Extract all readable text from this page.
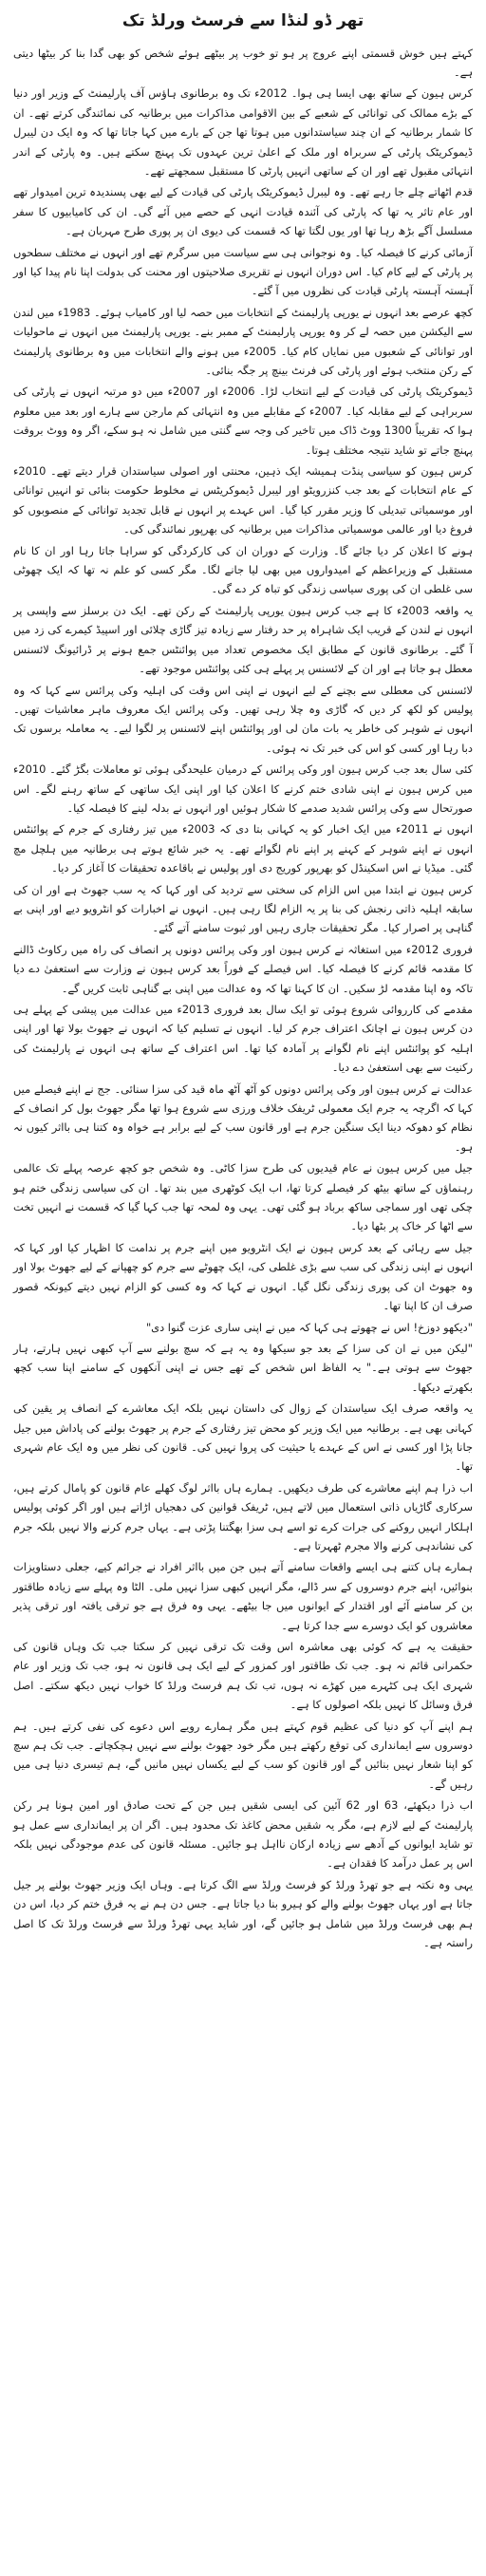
تھر ڈو لنڈا سے فرسٹ ورلڈ تک

کہتے ہیں خوش قسمتی اپنے عروج پر ہو تو خوب پر بیٹھے ہوئے شخص کو بھی گدا بنا کر بیٹھا دیتی ہے۔

کرس ہیون کے ساتھ بھی ایسا ہی ہوا۔ 2012ء تک وہ برطانوی ہاؤس آف پارلیمنٹ کے وزیر اور دنیا کے بڑے ممالک کی توانائی کے شعبے کے بین الاقوامی مذاکرات میں برطانیہ کی نمائندگی کرتے تھے۔ ان کا شمار برطانیہ کے ان چند سیاستدانوں میں ہوتا تھا جن کے بارے میں کہا جاتا تھا کہ وہ ایک دن لیبرل ڈیموکریٹک پارٹی کے سربراہ اور ملک کے اعلیٰ ترین عہدوں تک پہنچ سکتے ہیں۔ وہ پارٹی کے اندر انتہائی مقبول تھے اور ان کے ساتھی انہیں پارٹی کا مستقبل سمجھتے تھے۔

قدم اٹھاتے چلے جا رہے تھے۔ وہ لیبرل ڈیموکریٹک پارٹی کی قیادت کے لیے بھی پسندیدہ ترین امیدوار تھے اور عام تاثر یہ تھا کہ پارٹی کی آئندہ قیادت انہی کے حصے میں آئے گی۔ ان کی کامیابیوں کا سفر مسلسل آگے بڑھ رہا تھا اور یوں لگتا تھا کہ قسمت کی دیوی ان پر پوری طرح مہربان ہے۔

آزمائی کرنے کا فیصلہ کیا۔ وہ نوجوانی ہی سے سیاست میں سرگرم تھے اور انہوں نے مختلف سطحوں پر پارٹی کے لیے کام کیا۔ اس دوران انہوں نے تقریری صلاحیتوں اور محنت کی بدولت اپنا نام پیدا کیا اور آہستہ آہستہ پارٹی قیادت کی نظروں میں آ گئے۔

کچھ عرصے بعد انہوں نے یورپی پارلیمنٹ کے انتخابات میں حصہ لیا اور کامیاب ہوئے۔ 1983ء میں لندن سے الیکشن میں حصہ لے کر وہ یورپی پارلیمنٹ کے ممبر بنے۔ یورپی پارلیمنٹ میں انہوں نے ماحولیات اور توانائی کے شعبوں میں نمایاں کام کیا۔ 2005ء میں ہونے والے انتخابات میں وہ برطانوی پارلیمنٹ کے رکن منتخب ہوئے اور پارٹی کی فرنٹ بینچ پر جگہ بنائی۔

ڈیموکریٹک پارٹی کی قیادت کے لیے انتخاب لڑا۔ 2006ء اور 2007ء میں دو مرتبہ انہوں نے پارٹی کی سربراہی کے لیے مقابلہ کیا۔ 2007ء کے مقابلے میں وہ انتہائی کم مارجن سے ہارے اور بعد میں معلوم ہوا کہ تقریباً 1300 ووٹ ڈاک میں تاخیر کی وجہ سے گنتی میں شامل نہ ہو سکے، اگر وہ ووٹ بروقت پہنچ جاتے تو شاید نتیجہ مختلف ہوتا۔

کرس ہیون کو سیاسی پنڈت ہمیشہ ایک ذہین، محنتی اور اصولی سیاستدان قرار دیتے تھے۔ 2010ء کے عام انتخابات کے بعد جب کنزرویٹو اور لیبرل ڈیموکریٹس نے مخلوط حکومت بنائی تو انہیں توانائی اور موسمیاتی تبدیلی کا وزیر مقرر کیا گیا۔ اس عہدے پر انہوں نے قابل تجدید توانائی کے منصوبوں کو فروغ دیا اور عالمی موسمیاتی مذاکرات میں برطانیہ کی بھرپور نمائندگی کی۔

ہونے کا اعلان کر دیا جائے گا۔ وزارت کے دوران ان کی کارکردگی کو سراہا جاتا رہا اور ان کا نام مستقبل کے وزیراعظم کے امیدواروں میں بھی لیا جانے لگا۔ مگر کسی کو علم نہ تھا کہ ایک چھوٹی سی غلطی ان کی پوری سیاسی زندگی کو تباہ کر دے گی۔

یہ واقعہ 2003ء کا ہے جب کرس ہیون یورپی پارلیمنٹ کے رکن تھے۔ ایک دن برسلز سے واپسی پر انہوں نے لندن کے قریب ایک شاہراہ پر حد رفتار سے زیادہ تیز گاڑی چلائی اور اسپیڈ کیمرے کی زد میں آ گئے۔ برطانوی قانون کے مطابق ایک مخصوص تعداد میں پوائنٹس جمع ہونے پر ڈرائیونگ لائسنس معطل ہو جاتا ہے اور ان کے لائسنس پر پہلے ہی کئی پوائنٹس موجود تھے۔

لائسنس کی معطلی سے بچنے کے لیے انہوں نے اپنی اس وقت کی اہلیہ وکی پرائس سے کہا کہ وہ پولیس کو لکھ کر دیں کہ گاڑی وہ چلا رہی تھیں۔ وکی پرائس ایک معروف ماہر معاشیات تھیں۔ انہوں نے شوہر کی خاطر یہ بات مان لی اور پوائنٹس اپنے لائسنس پر لگوا لیے۔ یہ معاملہ برسوں تک دبا رہا اور کسی کو اس کی خبر تک نہ ہوئی۔

کئی سال بعد جب کرس ہیون اور وکی پرائس کے درمیان علیحدگی ہوئی تو معاملات بگڑ گئے۔ 2010ء میں کرس ہیون نے اپنی شادی ختم کرنے کا اعلان کیا اور اپنی ایک ساتھی کے ساتھ رہنے لگے۔ اس صورتحال سے وکی پرائس شدید صدمے کا شکار ہوئیں اور انہوں نے بدلہ لینے کا فیصلہ کیا۔

انہوں نے 2011ء میں ایک اخبار کو یہ کہانی بتا دی کہ 2003ء میں تیز رفتاری کے جرم کے پوائنٹس انہوں نے اپنے شوہر کے کہنے پر اپنے نام لگوائے تھے۔ یہ خبر شائع ہوتے ہی برطانیہ میں ہلچل مچ گئی۔ میڈیا نے اس اسکینڈل کو بھرپور کوریج دی اور پولیس نے باقاعدہ تحقیقات کا آغاز کر دیا۔

کرس ہیون نے ابتدا میں اس الزام کی سختی سے تردید کی اور کہا کہ یہ سب جھوٹ ہے اور ان کی سابقہ اہلیہ ذاتی رنجش کی بنا پر یہ الزام لگا رہی ہیں۔ انہوں نے اخبارات کو انٹرویو دیے اور اپنی بے گناہی پر اصرار کیا۔ مگر تحقیقات جاری رہیں اور ثبوت سامنے آتے گئے۔

فروری 2012ء میں استغاثہ نے کرس ہیون اور وکی پرائس دونوں پر انصاف کی راہ میں رکاوٹ ڈالنے کا مقدمہ قائم کرنے کا فیصلہ کیا۔ اس فیصلے کے فوراً بعد کرس ہیون نے وزارت سے استعفیٰ دے دیا تاکہ وہ اپنا مقدمہ لڑ سکیں۔ ان کا کہنا تھا کہ وہ عدالت میں اپنی بے گناہی ثابت کریں گے۔

مقدمے کی کارروائی شروع ہوئی تو ایک سال بعد فروری 2013ء میں عدالت میں پیشی کے پہلے ہی دن کرس ہیون نے اچانک اعتراف جرم کر لیا۔ انہوں نے تسلیم کیا کہ انہوں نے جھوٹ بولا تھا اور اپنی اہلیہ کو پوائنٹس اپنے نام لگوانے پر آمادہ کیا تھا۔ اس اعتراف کے ساتھ ہی انہوں نے پارلیمنٹ کی رکنیت سے بھی استعفیٰ دے دیا۔

عدالت نے کرس ہیون اور وکی پرائس دونوں کو آٹھ آٹھ ماہ قید کی سزا سنائی۔ جج نے اپنے فیصلے میں کہا کہ اگرچہ یہ جرم ایک معمولی ٹریفک خلاف ورزی سے شروع ہوا تھا مگر جھوٹ بول کر انصاف کے نظام کو دھوکہ دینا ایک سنگین جرم ہے اور قانون سب کے لیے برابر ہے خواہ وہ کتنا ہی بااثر کیوں نہ ہو۔

جیل میں کرس ہیون نے عام قیدیوں کی طرح سزا کاٹی۔ وہ شخص جو کچھ عرصہ پہلے تک عالمی رہنماؤں کے ساتھ بیٹھ کر فیصلے کرتا تھا، اب ایک کوٹھری میں بند تھا۔ ان کی سیاسی زندگی ختم ہو چکی تھی اور سماجی ساکھ برباد ہو گئی تھی۔ یہی وہ لمحہ تھا جب کہا گیا کہ قسمت نے انہیں تخت سے اٹھا کر خاک پر بٹھا دیا۔

جیل سے رہائی کے بعد کرس ہیون نے ایک انٹرویو میں اپنے جرم پر ندامت کا اظہار کیا اور کہا کہ انہوں نے اپنی زندگی کی سب سے بڑی غلطی کی، ایک چھوٹے سے جرم کو چھپانے کے لیے جھوٹ بولا اور وہ جھوٹ ان کی پوری زندگی نگل گیا۔ انہوں نے کہا کہ وہ کسی کو الزام نہیں دیتے کیونکہ قصور صرف ان کا اپنا تھا۔

"دیکھو دوزخ! اس نے چھوتے ہی کہا کہ میں نے اپنی ساری عزت گنوا دی"

"لیکن میں نے ان کی سزا کے بعد جو سیکھا وہ یہ ہے کہ سچ بولنے سے آپ کبھی نہیں ہارتے، ہار جھوٹ سے ہوتی ہے۔" یہ الفاظ اس شخص کے تھے جس نے اپنی آنکھوں کے سامنے اپنا سب کچھ بکھرتے دیکھا۔

یہ واقعہ صرف ایک سیاستدان کے زوال کی داستان نہیں بلکہ ایک معاشرے کے انصاف پر یقین کی کہانی بھی ہے۔ برطانیہ میں ایک وزیر کو محض تیز رفتاری کے جرم پر جھوٹ بولنے کی پاداش میں جیل جانا پڑا اور کسی نے اس کے عہدے یا حیثیت کی پروا نہیں کی۔ قانون کی نظر میں وہ ایک عام شہری تھا۔

اب ذرا ہم اپنے معاشرے کی طرف دیکھیں۔ ہمارے ہاں بااثر لوگ کھلے عام قانون کو پامال کرتے ہیں، سرکاری گاڑیاں ذاتی استعمال میں لاتے ہیں، ٹریفک قوانین کی دھجیاں اڑاتے ہیں اور اگر کوئی پولیس اہلکار انہیں روکنے کی جرات کرے تو اسے ہی سزا بھگتنا پڑتی ہے۔ یہاں جرم کرنے والا نہیں بلکہ جرم کی نشاندہی کرنے والا مجرم ٹھہرتا ہے۔

ہمارے ہاں کتنے ہی ایسے واقعات سامنے آتے ہیں جن میں بااثر افراد نے جرائم کیے، جعلی دستاویزات بنوائیں، اپنے جرم دوسروں کے سر ڈالے، مگر انہیں کبھی سزا نہیں ملی۔ الٹا وہ پہلے سے زیادہ طاقتور بن کر سامنے آئے اور اقتدار کے ایوانوں میں جا بیٹھے۔ یہی وہ فرق ہے جو ترقی یافتہ اور ترقی پذیر معاشروں کو ایک دوسرے سے جدا کرتا ہے۔

حقیقت یہ ہے کہ کوئی بھی معاشرہ اس وقت تک ترقی نہیں کر سکتا جب تک وہاں قانون کی حکمرانی قائم نہ ہو۔ جب تک طاقتور اور کمزور کے لیے ایک ہی قانون نہ ہو، جب تک وزیر اور عام شہری ایک ہی کٹہرے میں کھڑے نہ ہوں، تب تک ہم فرسٹ ورلڈ کا خواب نہیں دیکھ سکتے۔ اصل فرق وسائل کا نہیں بلکہ اصولوں کا ہے۔

ہم اپنے آپ کو دنیا کی عظیم قوم کہتے ہیں مگر ہمارے رویے اس دعوے کی نفی کرتے ہیں۔ ہم دوسروں سے ایمانداری کی توقع رکھتے ہیں مگر خود جھوٹ بولنے سے نہیں ہچکچاتے۔ جب تک ہم سچ کو اپنا شعار نہیں بنائیں گے اور قانون کو سب کے لیے یکساں نہیں مانیں گے، ہم تیسری دنیا ہی میں رہیں گے۔

اب ذرا دیکھئے، 63 اور 62 آئین کی ایسی شقیں ہیں جن کے تحت صادق اور امین ہونا ہر رکن پارلیمنٹ کے لیے لازم ہے، مگر یہ شقیں محض کاغذ تک محدود ہیں۔ اگر ان پر ایمانداری سے عمل ہو تو شاید ایوانوں کے آدھے سے زیادہ ارکان نااہل ہو جائیں۔ مسئلہ قانون کی عدم موجودگی نہیں بلکہ اس پر عمل درآمد کا فقدان ہے۔

یہی وہ نکتہ ہے جو تھرڈ ورلڈ کو فرسٹ ورلڈ سے الگ کرتا ہے۔ وہاں ایک وزیر جھوٹ بولنے پر جیل جاتا ہے اور یہاں جھوٹ بولنے والے کو ہیرو بنا دیا جاتا ہے۔ جس دن ہم نے یہ فرق ختم کر دیا، اس دن ہم بھی فرسٹ ورلڈ میں شامل ہو جائیں گے، اور شاید یہی تھرڈ ورلڈ سے فرسٹ ورلڈ تک کا اصل راستہ ہے۔
